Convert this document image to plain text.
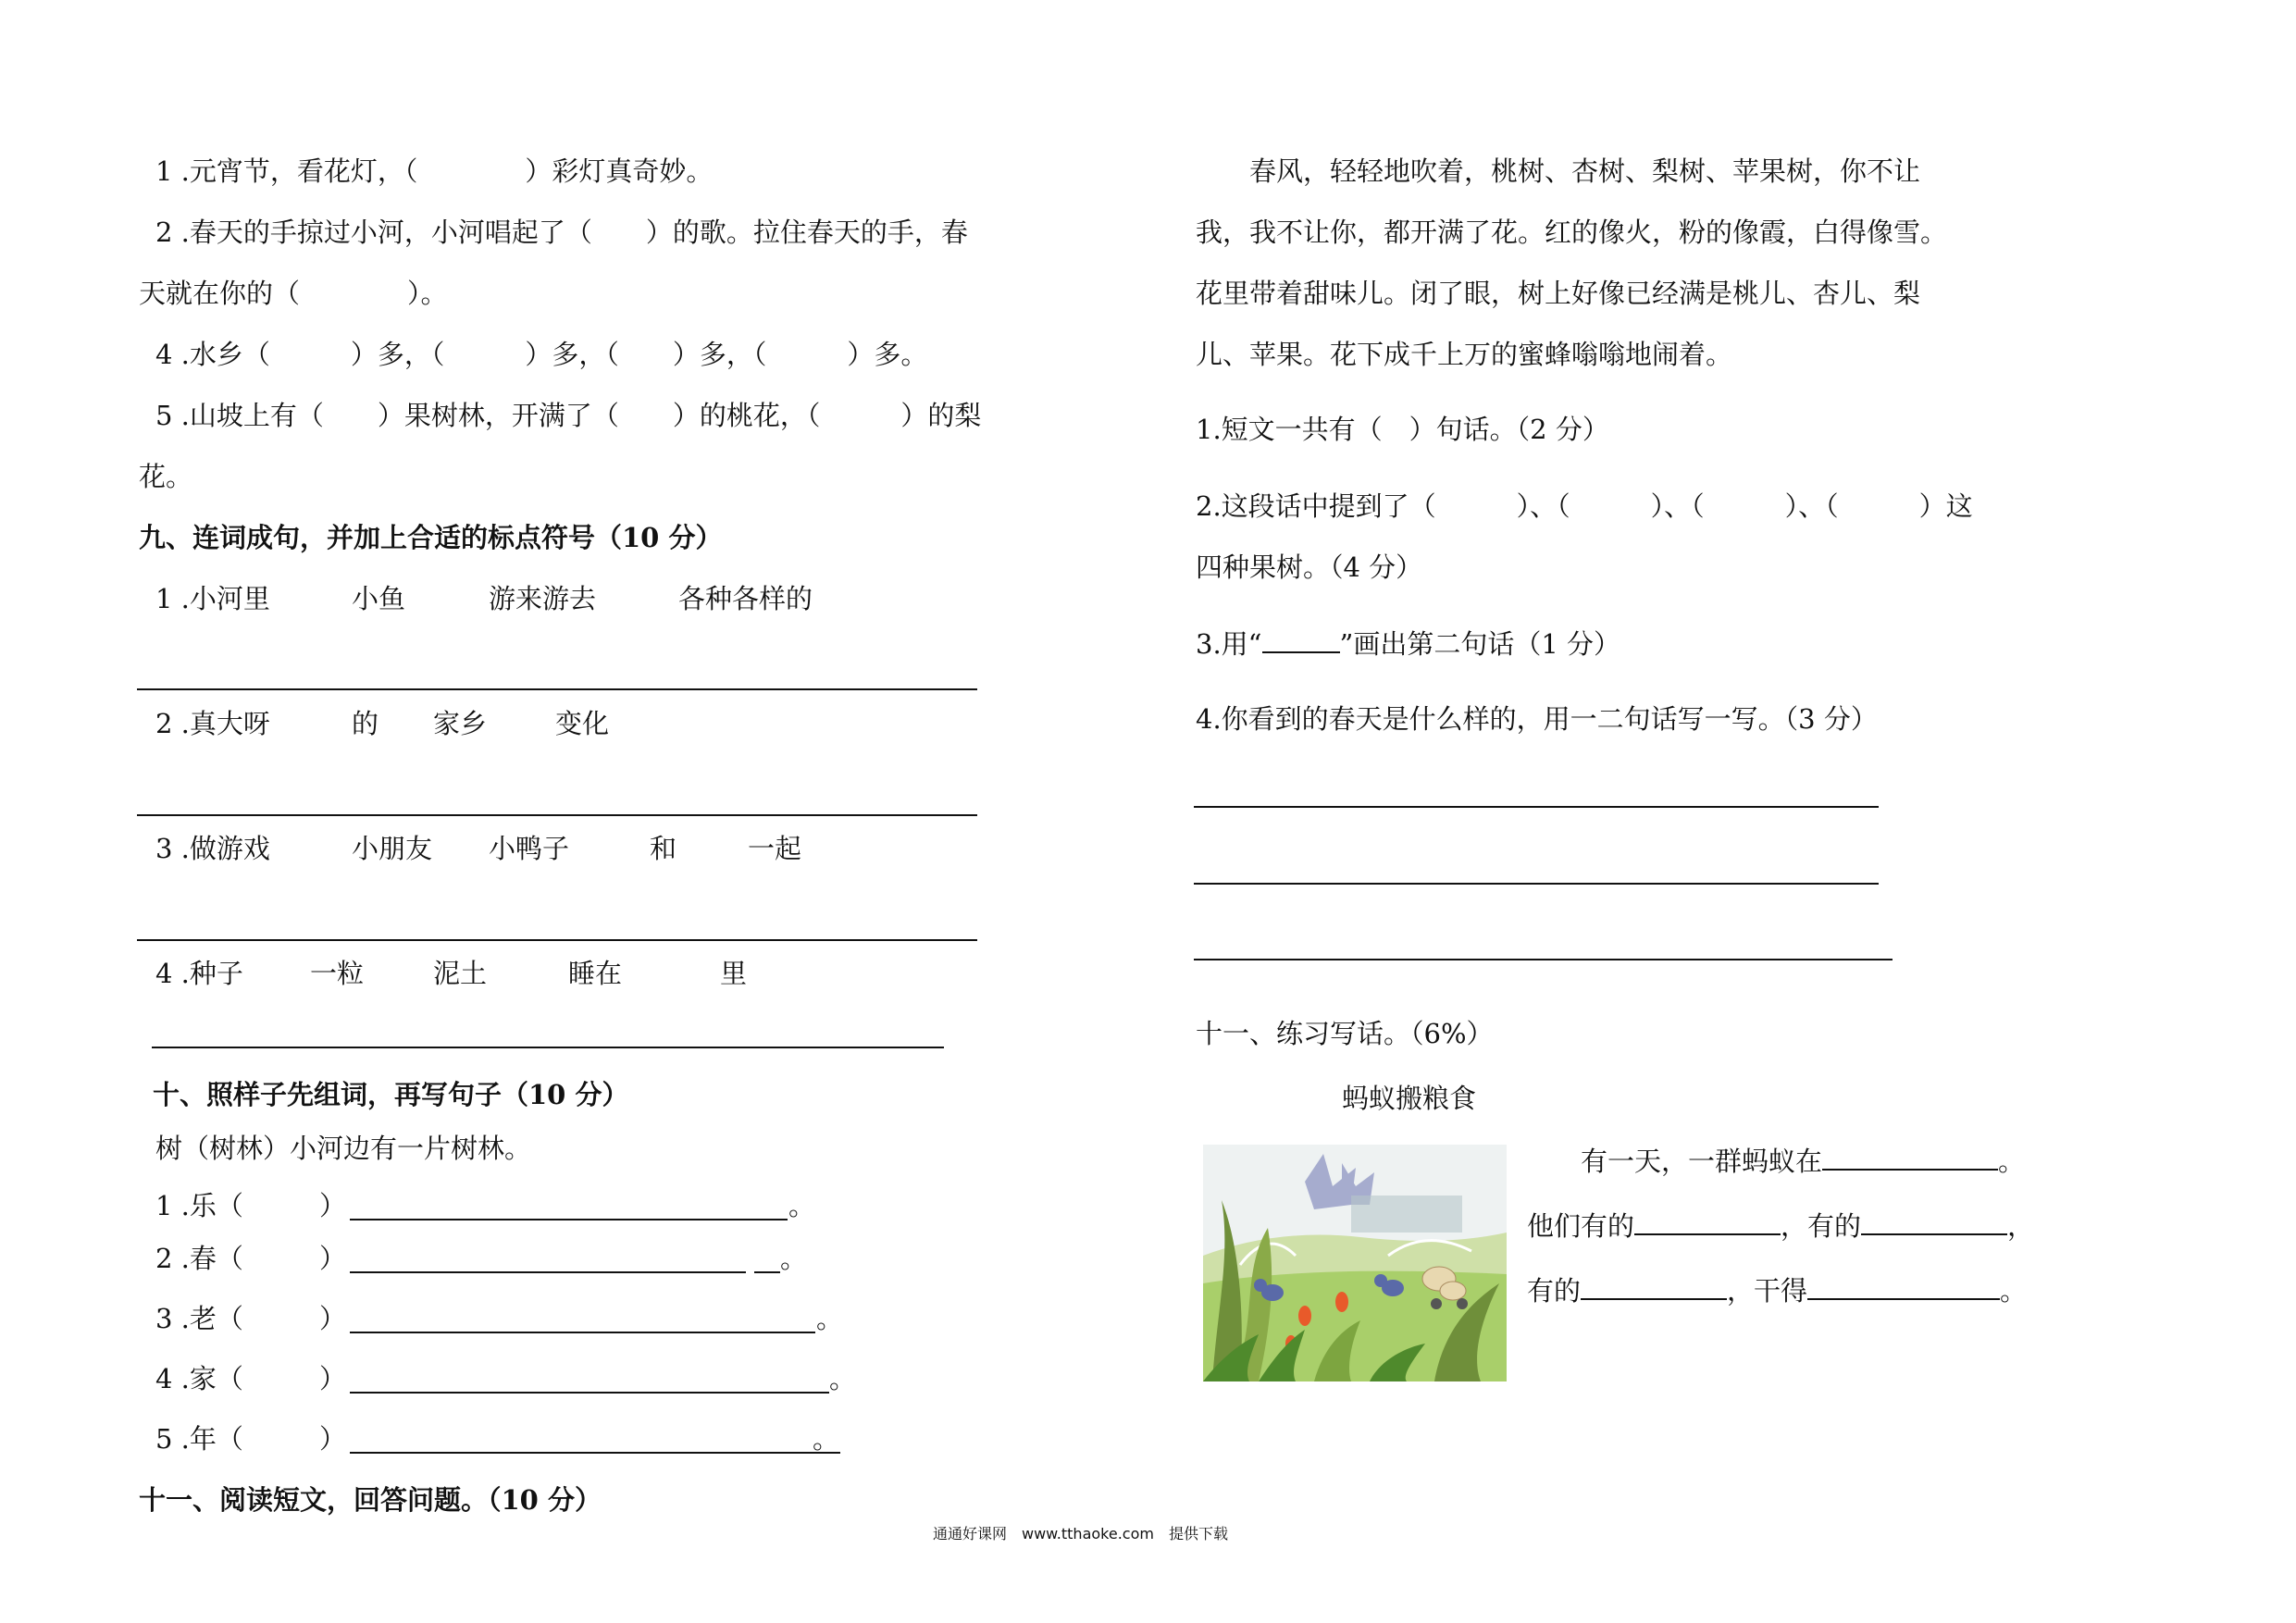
1 .元宵节，看花灯，（　　　　）彩灯真奇妙。
2 .春天的手掠过小河，小河唱起了（　　）的歌。拉住春天的手，春
天就在你的（　　　　）。
4 .水乡（　　　）多，（　　　）多，（　　）多，（　　　）多。
5 .山坡上有（　　）果树林，开满了（　　）的桃花，（　　　）的梨
花。
九、连词成句，并加上合适的标点符号（10 分）
1 .小河里	小鱼	游来游去	各种各样的
2 .真大呀	的 家乡	变化
3 .做游戏	小朋友 小鸭子	和	一起
4 .种子 一粒	泥土	睡在	里
十、照样子先组词，再写句子（10 分）
树（树林）小河边有一片树林。
1 .乐（	）	。
2 .春（	）	。
3 .老（	）	。
4 .家（	）	。
5 .年（	）	。
十一、阅读短文，回答问题。（10 分）
通通好课网　www.tthaoke.com　提供下载
　　春风，轻轻地吹着，桃树、杏树、梨树、苹果树，你不让
我，我不让你，都开满了花。红的像火，粉的像霞，白得像雪。
花里带着甜味儿。闭了眼，树上好像已经满是桃儿、杏儿、梨
儿、苹果。花下成千上万的蜜蜂嗡嗡地闹着。
1.短文一共有（　）句话。（2 分）
2.这段话中提到了（　　　）、（　　　）、（　　　）、（　　　）这
四种果树。（4 分）
3.用“	”画出第二句话（1 分）
4.你看到的春天是什么样的，用一二句话写一写。（3 分）
十一、练习写话。（6%）
蚂蚁搬粮食
　　有一天，一群蚂蚁在	。
他们有的	，有的	，
有的	，干得	。
